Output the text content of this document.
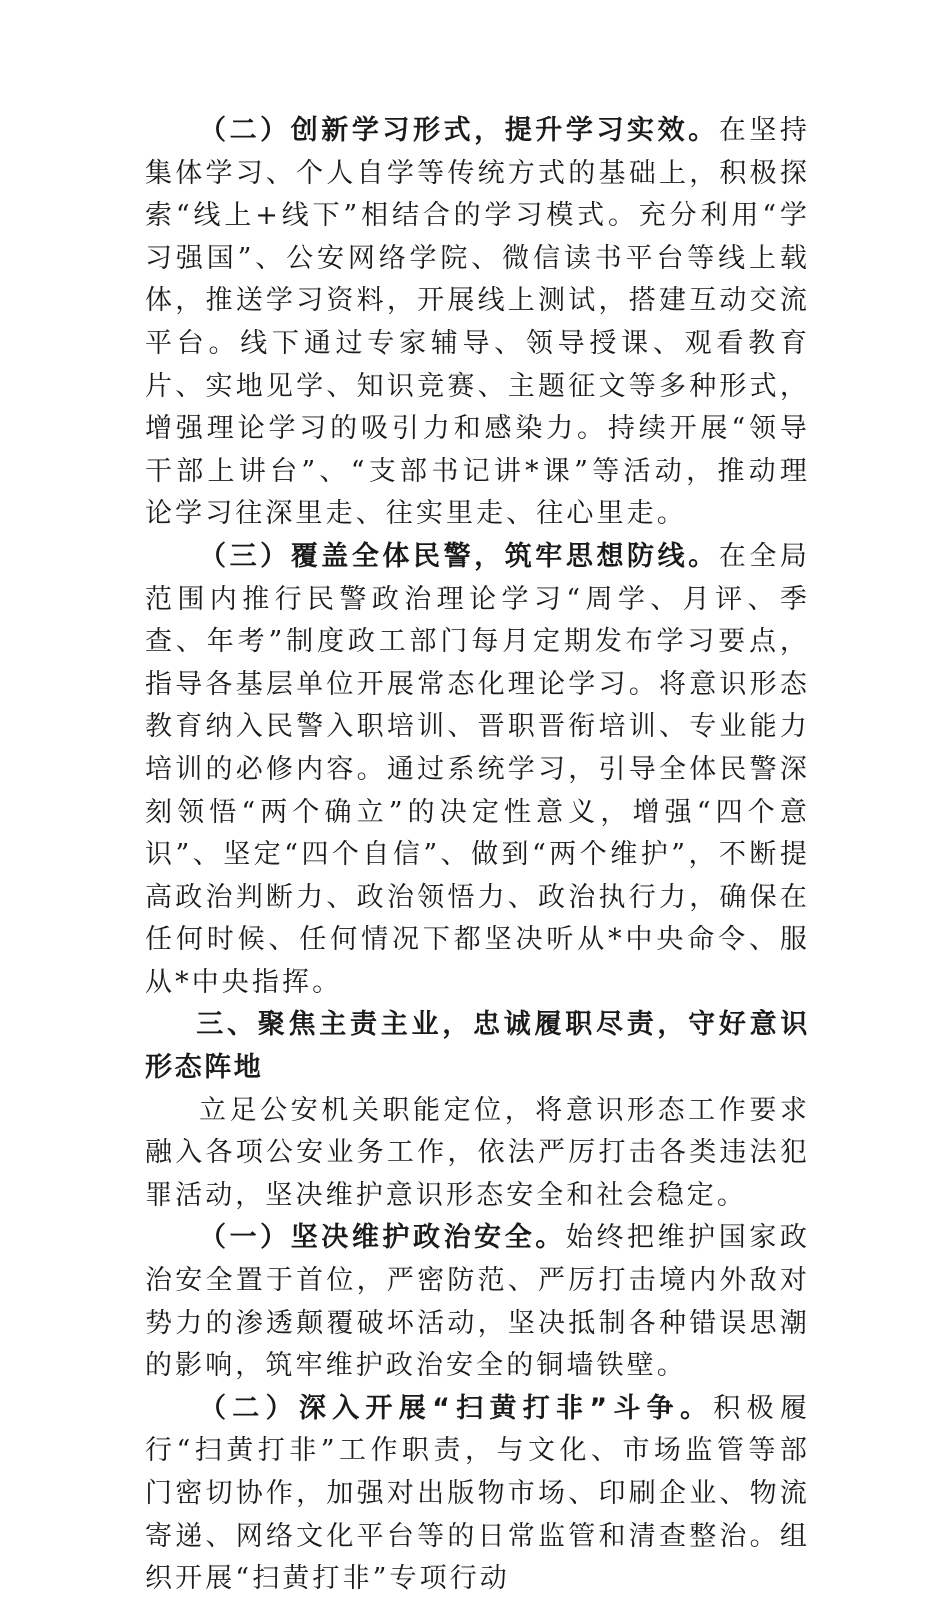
（二）创新学习形式，提升学习实效。在坚持集体学习、个人自学等传统方式的基础上，积极探索“线上+线下”相结合的学习模式。充分利用“学习强国”、公安网络学院、微信读书平台等线上载体，推送学习资料，开展线上测试，搭建互动交流平台。线下通过专家辅导、领导授课、观看教育片、实地见学、知识竞赛、主题征文等多种形式，增强理论学习的吸引力和感染力。持续开展“领导干部上讲台”、“支部书记讲*课”等活动，推动理论学习往深里走、往实里走、往心里走。

（三）覆盖全体民警，筑牢思想防线。在全局范围内推行民警政治理论学习“周学、月评、季查、年考”制度政工部门每月定期发布学习要点，指导各基层单位开展常态化理论学习。将意识形态教育纳入民警入职培训、晋职晋衔培训、专业能力培训的必修内容。通过系统学习，引导全体民警深刻领悟“两个确立”的决定性意义，增强“四个意识”、坚定“四个自信”、做到“两个维护”，不断提高政治判断力、政治领悟力、政治执行力，确保在任何时候、任何情况下都坚决听从*中央命令、服从*中央指挥。

三、聚焦主责主业，忠诚履职尽责，守好意识形态阵地

立足公安机关职能定位，将意识形态工作要求融入各项公安业务工作，依法严厉打击各类违法犯罪活动，坚决维护意识形态安全和社会稳定。

（一）坚决维护政治安全。始终把维护国家政治安全置于首位，严密防范、严厉打击境内外敌对势力的渗透颠覆破坏活动，坚决抵制各种错误思潮的影响，筑牢维护政治安全的铜墙铁壁。

（二）深入开展“扫黄打非”斗争。积极履行“扫黄打非”工作职责，与文化、市场监管等部门密切协作，加强对出版物市场、印刷企业、物流寄递、网络文化平台等的日常监管和清查整治。组织开展“扫黄打非”专项行动
